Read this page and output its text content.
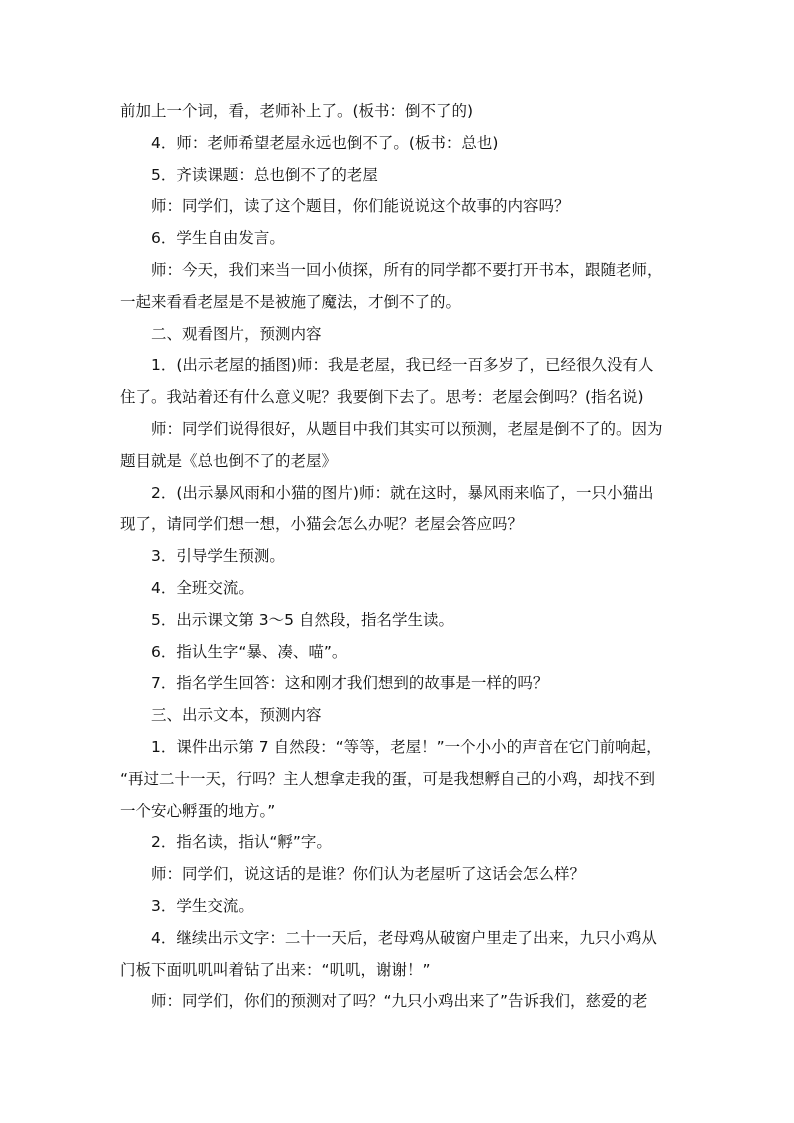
前加上一个词，看，老师补上了。(板书：倒不了的)

4．师：老师希望老屋永远也倒不了。(板书：总也)

5．齐读课题：总也倒不了的老屋

师：同学们，读了这个题目，你们能说说这个故事的内容吗？

6．学生自由发言。

师：今天，我们来当一回小侦探，所有的同学都不要打开书本，跟随老师，

一起来看看老屋是不是被施了魔法，才倒不了的。

二、观看图片，预测内容

1．(出示老屋的插图)师：我是老屋，我已经一百多岁了，已经很久没有人

住了。我站着还有什么意义呢？我要倒下去了。思考：老屋会倒吗？(指名说)

师：同学们说得很好，从题目中我们其实可以预测，老屋是倒不了的。因为

题目就是《总也倒不了的老屋》

2．(出示暴风雨和小猫的图片)师：就在这时，暴风雨来临了，一只小猫出

现了，请同学们想一想，小猫会怎么办呢？老屋会答应吗？

3．引导学生预测。

4．全班交流。

5．出示课文第 3～5 自然段，指名学生读。

6．指认生字“暴、凑、喵”。

7．指名学生回答：这和刚才我们想到的故事是一样的吗？

三、出示文本，预测内容

1．课件出示第 7 自然段：“等等，老屋！”一个小小的声音在它门前响起，

“再过二十一天，行吗？主人想拿走我的蛋，可是我想孵自己的小鸡，却找不到

一个安心孵蛋的地方。”

2．指名读，指认“孵”字。

师：同学们，说这话的是谁？你们认为老屋听了这话会怎么样？

3．学生交流。

4．继续出示文字：二十一天后，老母鸡从破窗户里走了出来，九只小鸡从

门板下面叽叽叫着钻了出来：“叽叽，谢谢！”

师：同学们，你们的预测对了吗？“九只小鸡出来了”告诉我们，慈爱的老
